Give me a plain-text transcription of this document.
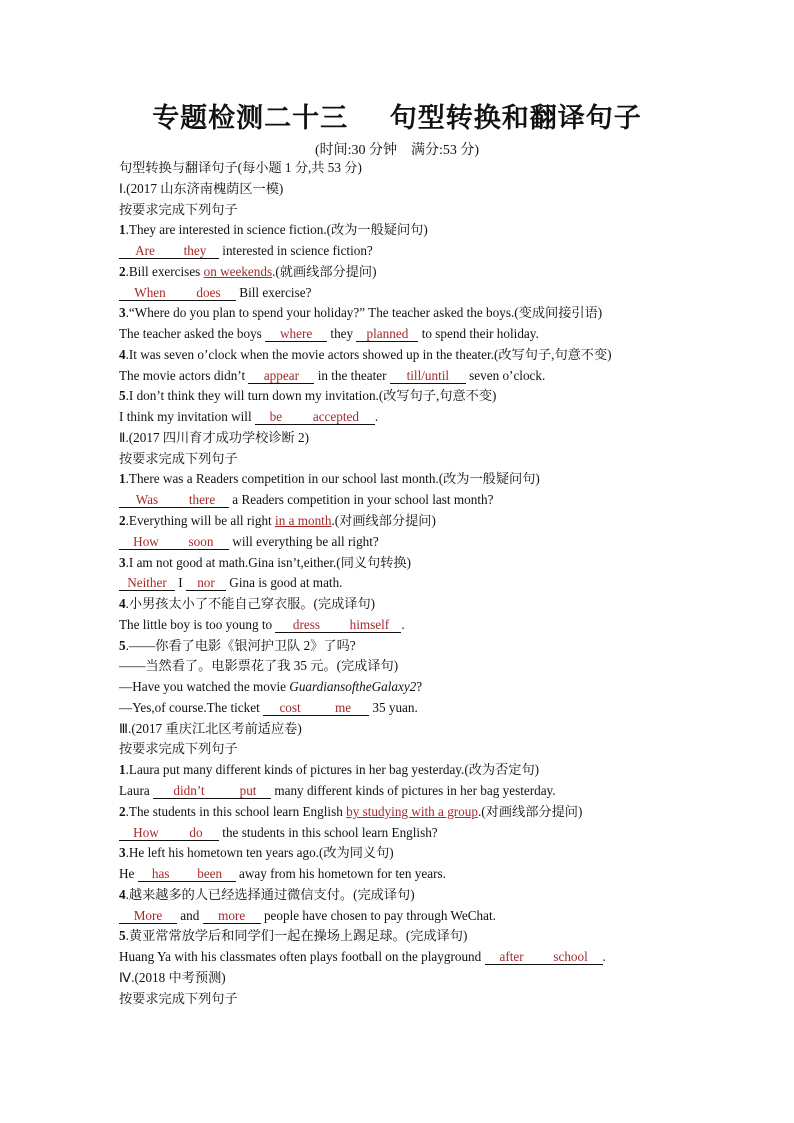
专题检测二十三    句型转换和翻译句子
(时间:30 分钟    满分:53 分)
句型转换与翻译句子(每小题 1 分,共 53 分)
Ⅰ.(2017 山东济南槐荫区一模)
按要求完成下列句子
1.They are interested in science fiction.(改为一般疑问句)
Are they interested in science fiction?
2.Bill exercises on weekends.(就画线部分提问)
When does Bill exercise?
3.“Where do you plan to spend your holiday?” The teacher asked the boys.(变成间接引语)
The teacher asked the boys where they planned to spend their holiday.
4.It was seven o’clock when the movie actors showed up in the theater.(改写句子,句意不变)
The movie actors didn’t appear in the theater till/until seven o’clock.
5.I don’t think they will turn down my invitation.(改写句子,句意不变)
I think my invitation will be accepted .
Ⅱ.(2017 四川育才成功学校诊断 2)
按要求完成下列句子
1.There was a Readers competition in our school last month.(改为一般疑问句)
Was there a Readers competition in your school last month?
2.Everything will be all right in a month.(对画线部分提问)
How soon will everything be all right?
3.I am not good at math.Gina isn’t,either.(同义句转换)
Neither I nor Gina is good at math.
4.小男孩太小了不能自己穿衣服。(完成译句)
The little boy is too young to dress himself .
5.——你看了电影《银河护卫队 2》了吗?
——当然看了。电影票花了我 35 元。(完成译句)
—Have you watched the movie GuardiansoftheGalaxy2?
—Yes,of course.The ticket cost	me 35 yuan.
Ⅲ.(2017 重庆江北区考前适应卷)
按要求完成下列句子
1.Laura put many different kinds of pictures in her bag yesterday.(改为否定句)
Laura didn’t	put many different kinds of pictures in her bag yesterday.
2.The students in this school learn English by studying with a group.(对画线部分提问)
How do the students in this school learn English?
3.He left his hometown ten years ago.(改为同义句)
He has been away from his hometown for ten years.
4.越来越多的人已经选择通过微信支付。(完成译句)
More and more people have chosen to pay through WeChat.
5.黄亚常常放学后和同学们一起在操场上踢足球。(完成译句)
Huang Ya with his classmates often plays football on the playground after school .
Ⅳ.(2018 中考预测)
按要求完成下列句子
